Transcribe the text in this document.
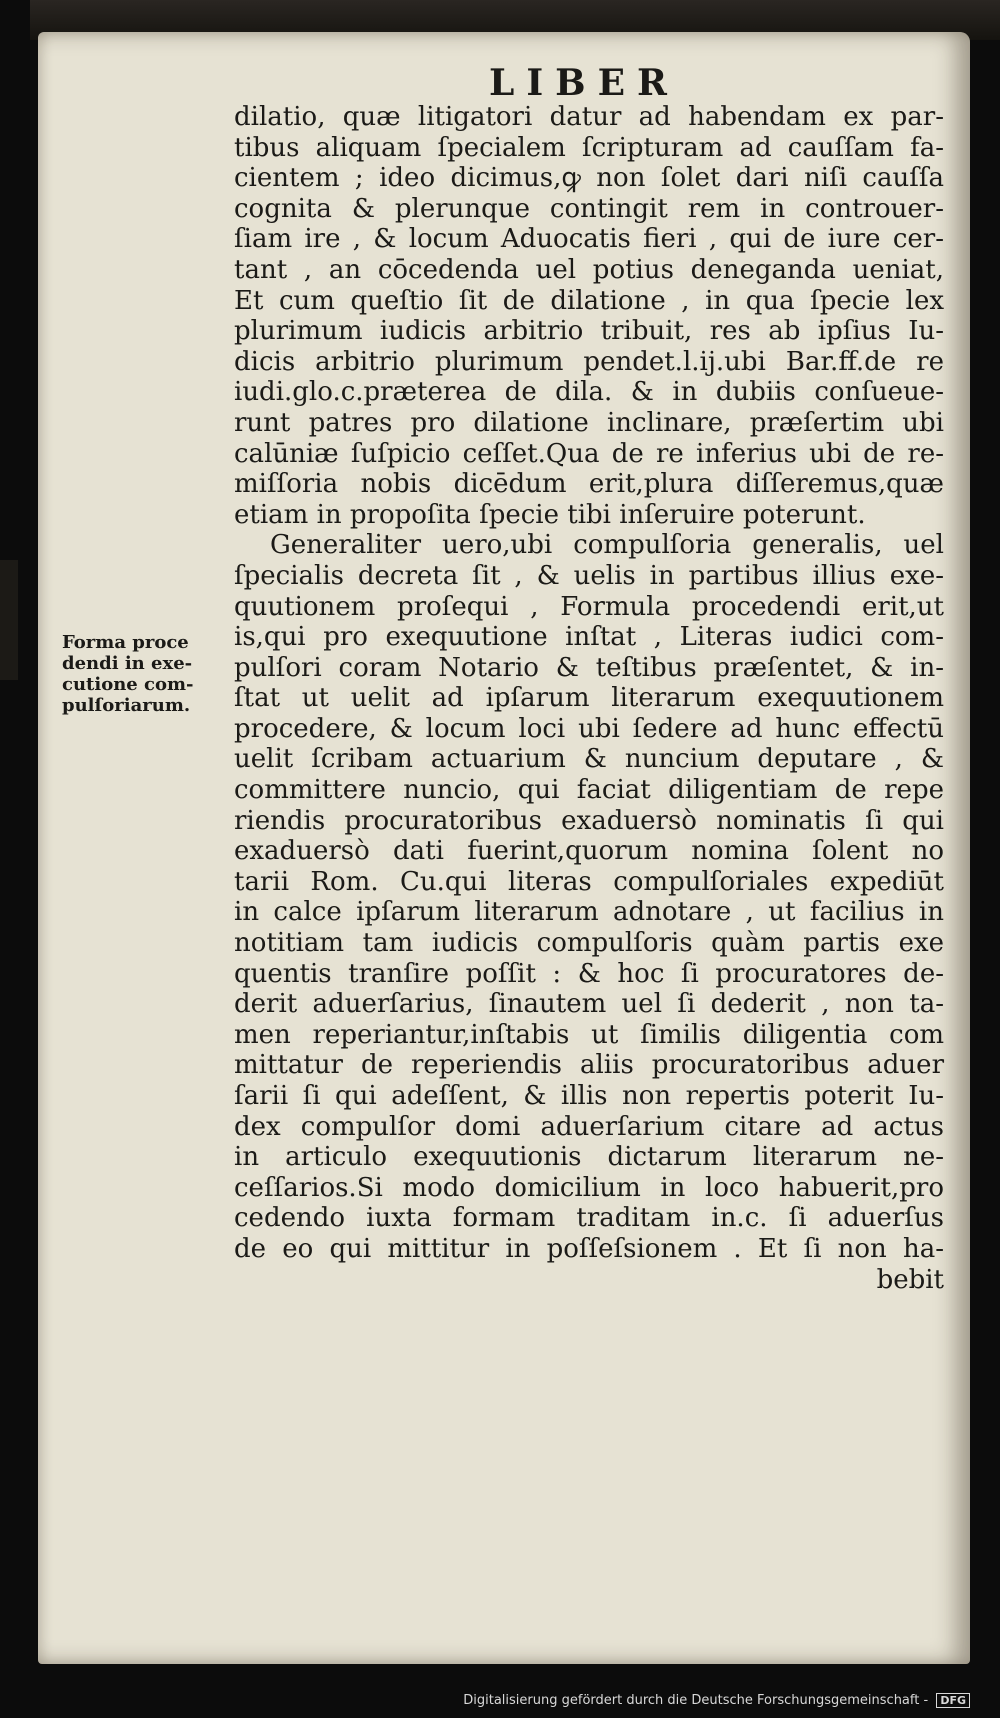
LIBER
Forma proce
dendi in exe-
cutione com-
pulſoriarum.
dilatio, quæ litigatori datur ad habendam ex par-
tibus aliquam ſpecialem ſcripturam ad cauſſam fa-
cientem ; ideo dicimus,ꝙ non ſolet dari niſi cauſſa
cognita & plerunque contingit rem in controuer-
ſiam ire , & locum Aduocatis fieri , qui de iure cer-
tant , an cōcedenda uel potius deneganda ueniat,
Et cum queſtio ſit de dilatione , in qua ſpecie lex
plurimum iudicis arbitrio tribuit, res ab ipſius Iu-
dicis arbitrio plurimum pendet.l.ij.ubi Bar.ff.de re
iudi.glo.c.præterea de dila. & in dubiis conſueue-
runt patres pro dilatione inclinare, præſertim ubi
calūniæ ſuſpicio ceſſet.Qua de re inferius ubi de re-
miſſoria nobis dicēdum erit,plura diſſeremus,quæ
etiam in propoſita ſpecie tibi inſeruire poterunt.
Generaliter uero,ubi compulſoria generalis, uel
ſpecialis decreta ſit , & uelis in partibus illius exe-
quutionem proſequi , Formula procedendi erit,ut
is,qui pro exequutione inſtat , Literas iudici com-
pulſori coram Notario & teſtibus præſentet, & in-
ſtat ut uelit ad ipſarum literarum exequutionem
procedere, & locum loci ubi ſedere ad hunc effectū
uelit ſcribam actuarium & nuncium deputare , &
committere nuncio, qui faciat diligentiam de repe
riendis procuratoribus exaduersò nominatis ſi qui
exaduersò dati fuerint,quorum nomina ſolent no
tarii Rom. Cu.qui literas compulſoriales expediūt
in calce ipſarum literarum adnotare , ut facilius in
notitiam tam iudicis compulſoris quàm partis exe
quentis tranſire poſſit : & hoc ſi procuratores de-
derit aduerſarius, ſinautem uel ſi dederit , non ta-
men reperiantur,inſtabis ut ſimilis diligentia com
mittatur de reperiendis aliis procuratoribus aduer
ſarii ſi qui adeſſent, & illis non repertis poterit Iu-
dex compulſor domi aduerſarium citare ad actus
in articulo exequutionis dictarum literarum ne-
ceſſarios.Si modo domicilium in loco habuerit,pro
cedendo iuxta formam traditam in.c. ſi aduerſus
de eo qui mittitur in poſſeſsionem . Et ſi non ha-
bebit
Digitalisierung gefördert durch die Deutsche Forschungsgemeinschaft - DFG
